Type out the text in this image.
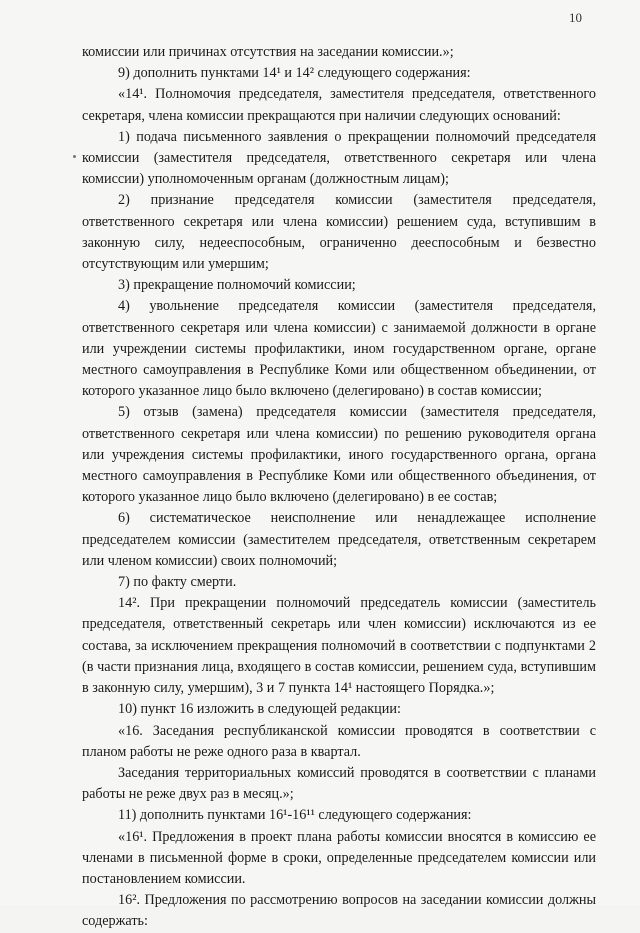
10

комиссии или причинах отсутствия на заседании комиссии.»;

9) дополнить пунктами 14¹ и 14² следующего содержания:

«14¹. Полномочия председателя, заместителя председателя, ответственного секретаря, члена комиссии прекращаются при наличии следующих оснований:

1) подача письменного заявления о прекращении полномочий председателя комиссии (заместителя председателя, ответственного секретаря или члена комиссии) уполномоченным органам (должностным лицам);

2) признание председателя комиссии (заместителя председателя, ответственного секретаря или члена комиссии) решением суда, вступившим в законную силу, недееспособным, ограниченно дееспособным и безвестно отсутствующим или умершим;

3) прекращение полномочий комиссии;

4) увольнение председателя комиссии (заместителя председателя, ответственного секретаря или члена комиссии) с занимаемой должности в органе или учреждении системы профилактики, ином государственном органе, органе местного самоуправления в Республике Коми или общественном объединении, от которого указанное лицо было включено (делегировано) в состав комиссии;

5) отзыв (замена) председателя комиссии (заместителя председателя, ответственного секретаря или члена комиссии) по решению руководителя органа или учреждения системы профилактики, иного государственного органа, органа местного самоуправления в Республике Коми или общественного объединения, от которого указанное лицо было включено (делегировано) в ее состав;

6) систематическое неисполнение или ненадлежащее исполнение председателем комиссии (заместителем председателя, ответственным секретарем или членом комиссии) своих полномочий;

7) по факту смерти.

14². При прекращении полномочий председатель комиссии (заместитель председателя, ответственный секретарь или член комиссии) исключаются из ее состава, за исключением прекращения полномочий в соответствии с подпунктами 2 (в части признания лица, входящего в состав комиссии, решением суда, вступившим в законную силу, умершим), 3 и 7 пункта 14¹ настоящего Порядка.»;

10) пункт 16 изложить в следующей редакции:

«16. Заседания республиканской комиссии проводятся в соответствии с планом работы не реже одного раза в квартал.

Заседания территориальных комиссий проводятся в соответствии с планами работы не реже двух раз в месяц.»;

11) дополнить пунктами 16¹-16¹¹ следующего содержания:

«16¹. Предложения в проект плана работы комиссии вносятся в комиссию ее членами в письменной форме в сроки, определенные председателем комиссии или постановлением комиссии.

16². Предложения по рассмотрению вопросов на заседании комиссии должны содержать:
